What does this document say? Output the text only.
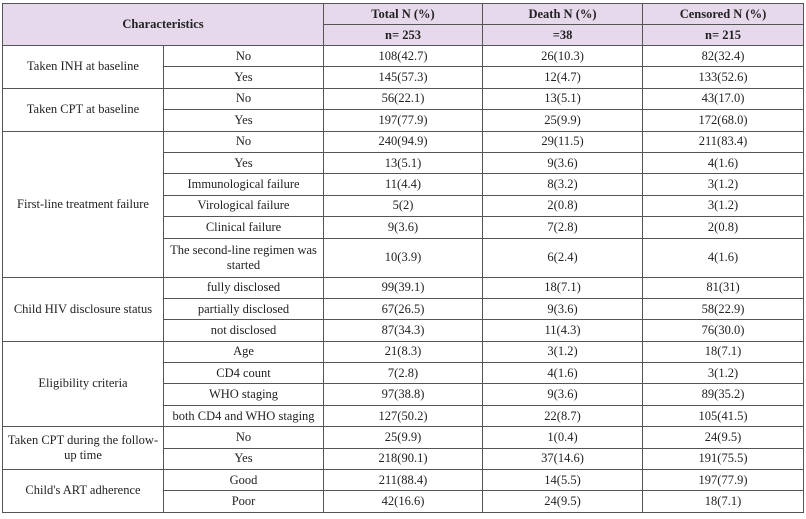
Characteristics		Total N (%)	Death N (%)	Censored N (%)
		n= 253	=38	n= 215
Taken INH at baseline	No	108(42.7)	26(10.3)	82(32.4)
	Yes	145(57.3)	12(4.7)	133(52.6)
Taken CPT at baseline	No	56(22.1)	13(5.1)	43(17.0)
	Yes	197(77.9)	25(9.9)	172(68.0)
First-line treatment failure	No	240(94.9)	29(11.5)	211(83.4)
	Yes	13(5.1)	9(3.6)	4(1.6)
	Immunological failure	11(4.4)	8(3.2)	3(1.2)
	Virological failure	5(2)	2(0.8)	3(1.2)
	Clinical failure	9(3.6)	7(2.8)	2(0.8)
	The second-line regimen was started	10(3.9)	6(2.4)	4(1.6)
Child HIV disclosure status	fully disclosed	99(39.1)	18(7.1)	81(31)
	partially disclosed	67(26.5)	9(3.6)	58(22.9)
	not disclosed	87(34.3)	11(4.3)	76(30.0)
Eligibility criteria	Age	21(8.3)	3(1.2)	18(7.1)
	CD4 count	7(2.8)	4(1.6)	3(1.2)
	WHO staging	97(38.8)	9(3.6)	89(35.2)
	both CD4 and WHO staging	127(50.2)	22(8.7)	105(41.5)
Taken CPT during the follow-up time	No	25(9.9)	1(0.4)	24(9.5)
	Yes	218(90.1)	37(14.6)	191(75.5)
Child's ART adherence	Good	211(88.4)	14(5.5)	197(77.9)
	Poor	42(16.6)	24(9.5)	18(7.1)
